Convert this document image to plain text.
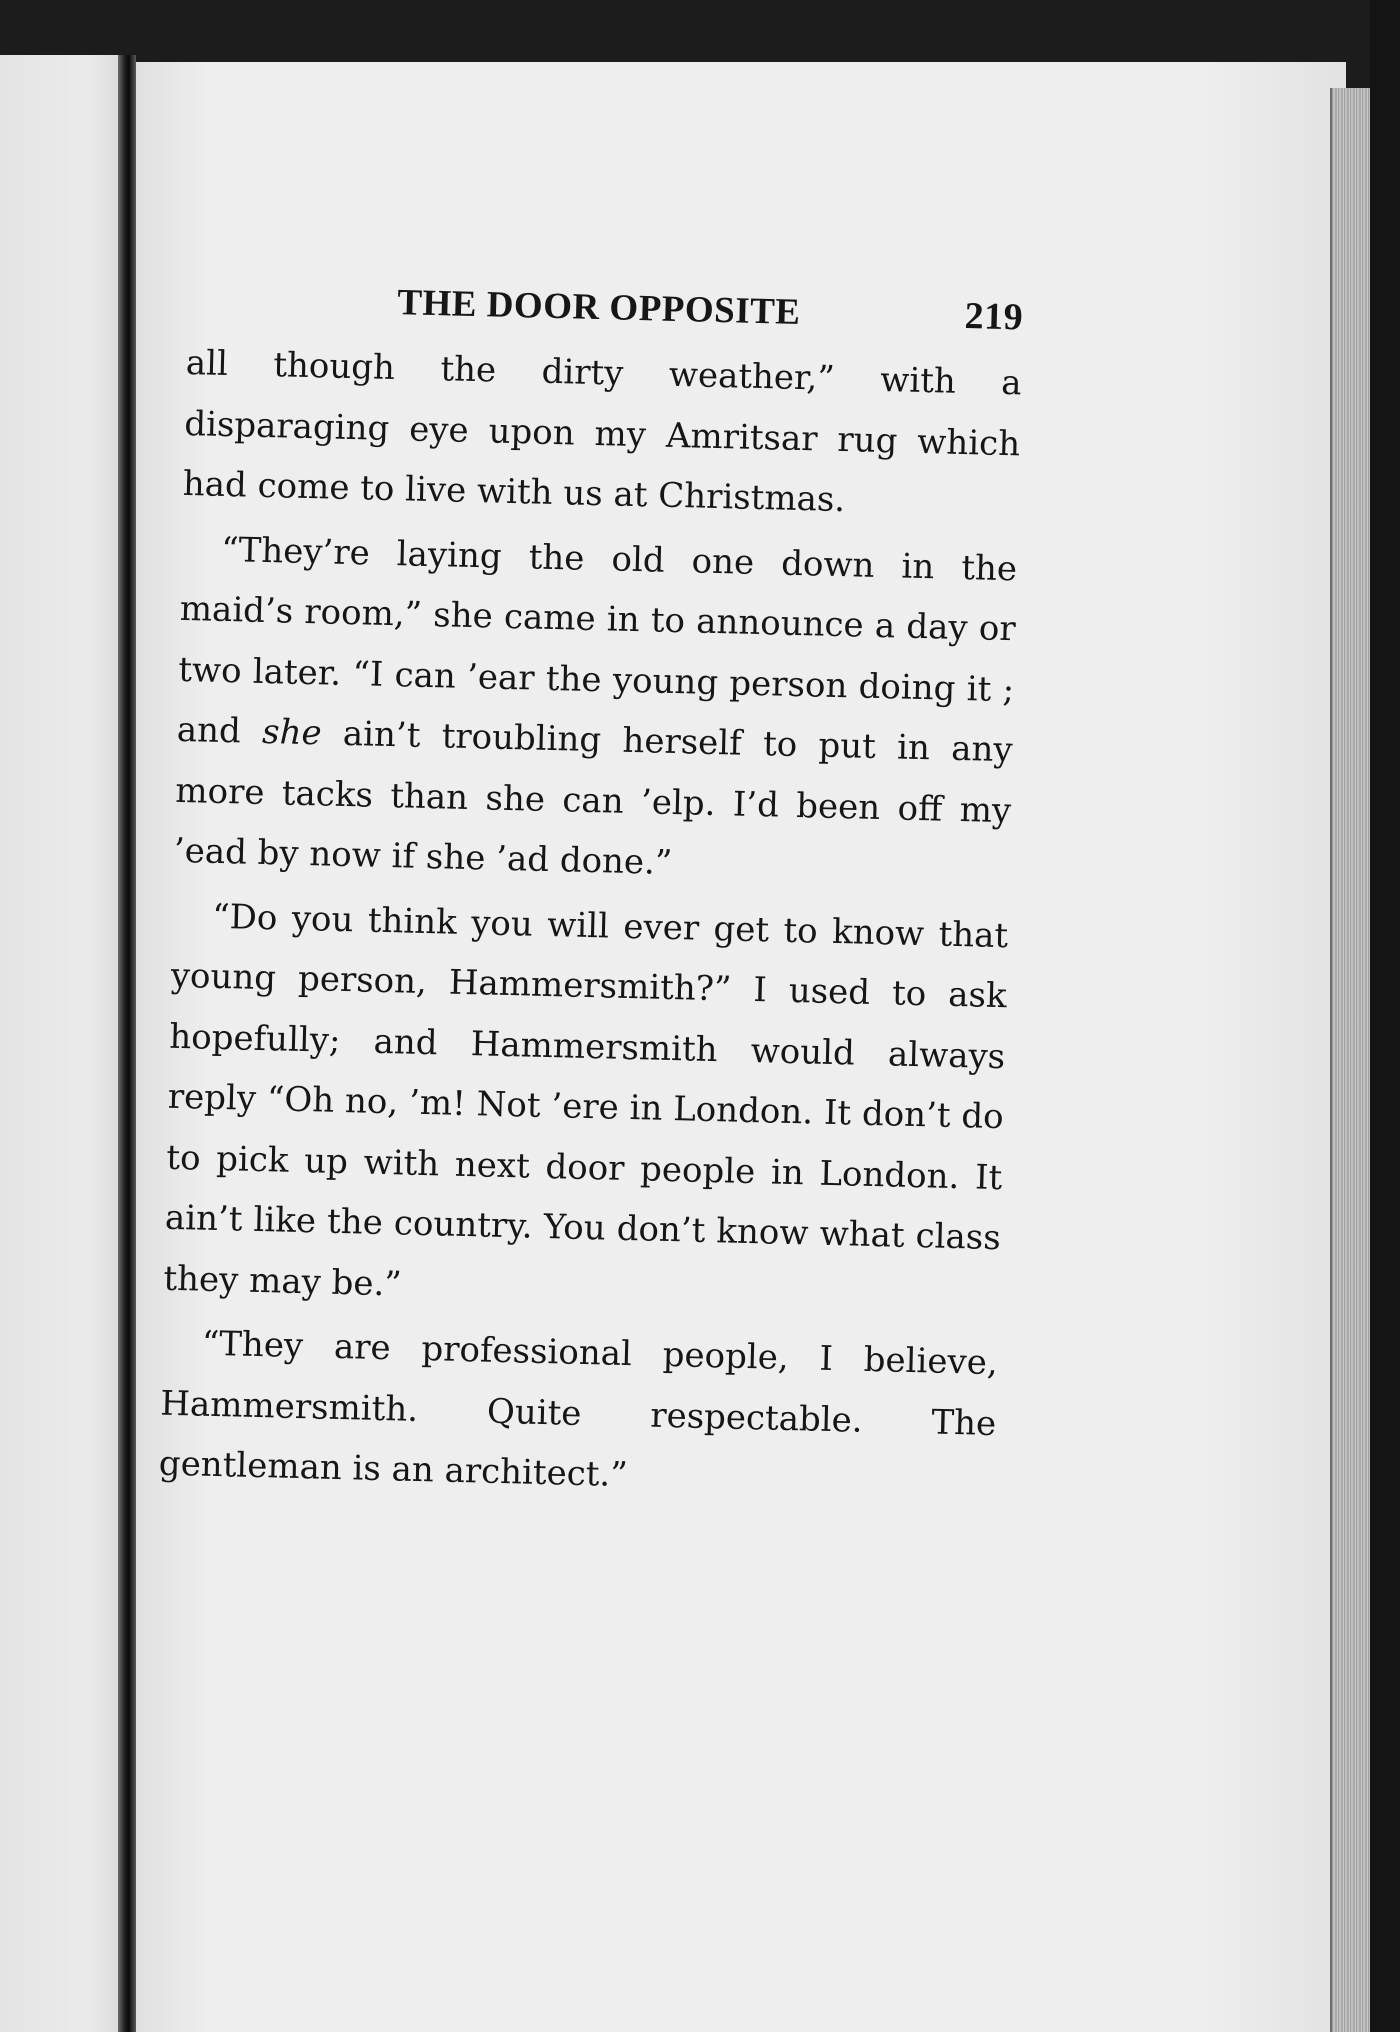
THE DOOR OPPOSITE	219

all though the dirty weather,” with a disparaging eye upon my Amritsar rug which had come to live with us at Christmas.

“They’re laying the old one down in the maid’s room,” she came in to announce a day or two later. “I can ’ear the young person doing it ; and she ain’t troubling herself to put in any more tacks than she can ’elp. I’d been off my ’ead by now if she ’ad done.”

“Do you think you will ever get to know that young person, Hammersmith?” I used to ask hopefully; and Hammersmith would always reply “Oh no, ’m! Not ’ere in London. It don’t do to pick up with next door people in London. It ain’t like the country. You don’t know what class they may be.”

“They are professional people, I believe, Hammersmith. Quite respectable. The gentleman is an architect.”
